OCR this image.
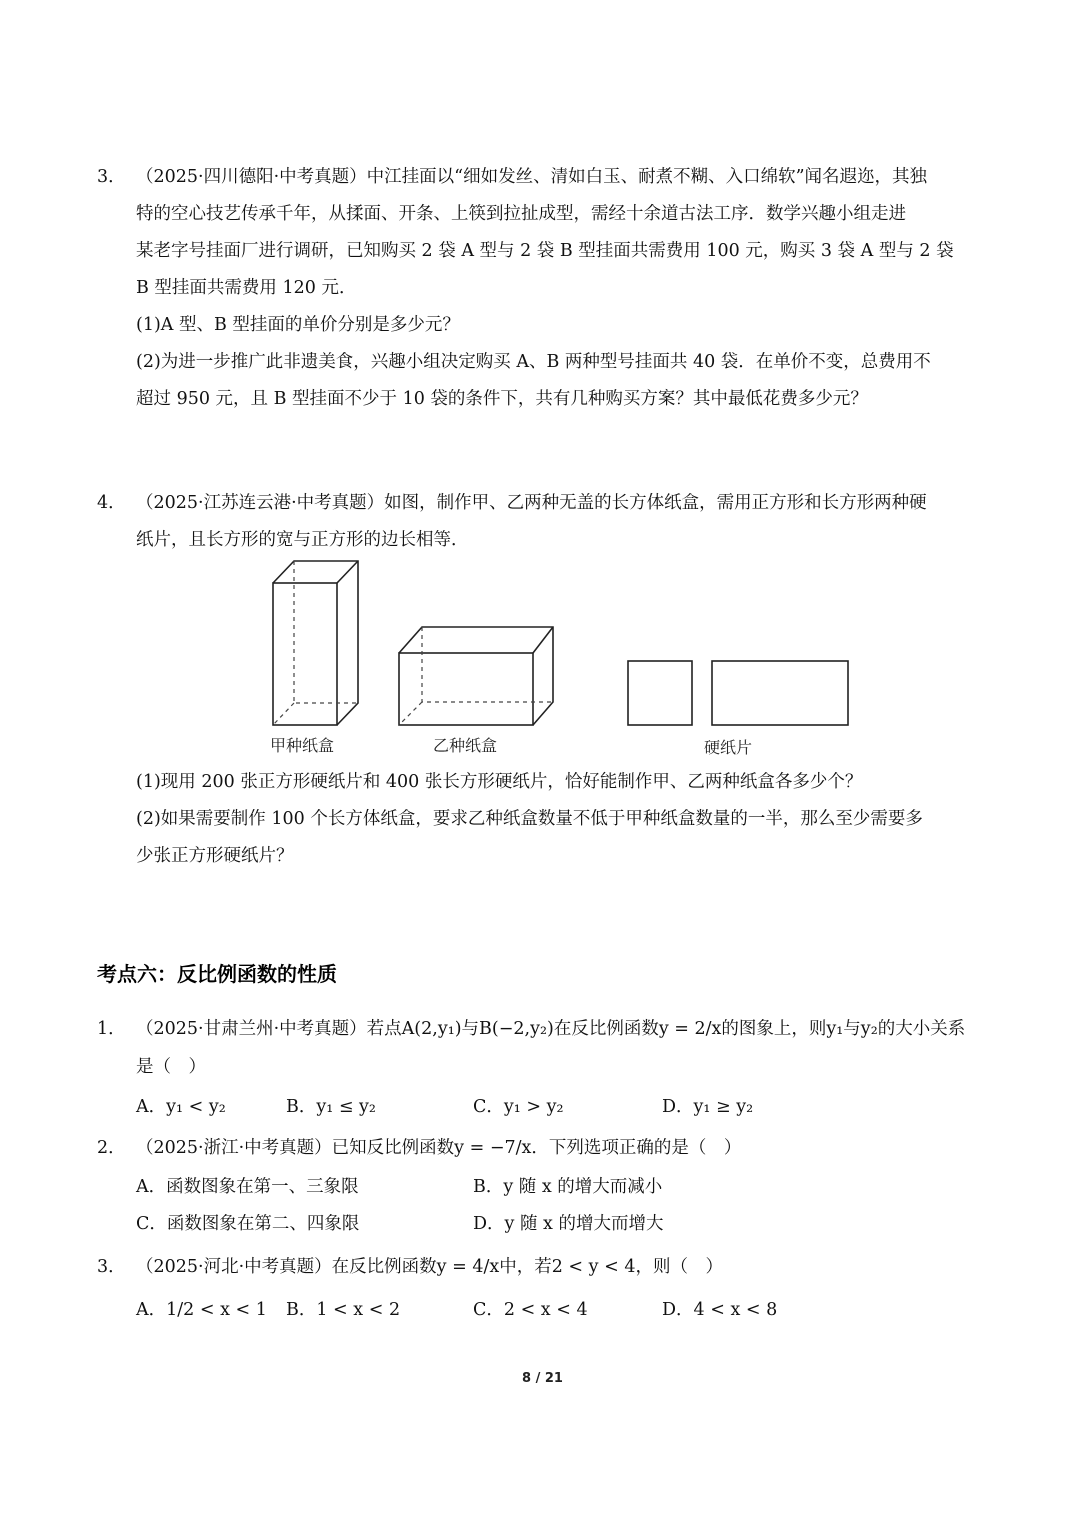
3． （2025·四川德阳·中考真题）中江挂面以“细如发丝、清如白玉、耐煮不糊、入口绵软”闻名遐迩，其独
特的空心技艺传承千年，从揉面、开条、上筷到拉扯成型，需经十余道古法工序．数学兴趣小组走进
某老字号挂面厂进行调研，已知购买 2 袋 A 型与 2 袋 B 型挂面共需费用 100 元，购买 3 袋 A 型与 2 袋
B 型挂面共需费用 120 元．
(1)A 型、B 型挂面的单价分别是多少元？
(2)为进一步推广此非遗美食，兴趣小组决定购买 A、B 两种型号挂面共 40 袋．在单价不变，总费用不
超过 950 元，且 B 型挂面不少于 10 袋的条件下，共有几种购买方案？其中最低花费多少元？
4． （2025·江苏连云港·中考真题）如图，制作甲、乙两种无盖的长方体纸盒，需用正方形和长方形两种硬
纸片，且长方形的宽与正方形的边长相等．
甲种纸盒	乙种纸盒	硬纸片
(1)现用 200 张正方形硬纸片和 400 张长方形硬纸片，恰好能制作甲、乙两种纸盒各多少个？
(2)如果需要制作 100 个长方体纸盒，要求乙种纸盒数量不低于甲种纸盒数量的一半，那么至少需要多
少张正方形硬纸片？
考点六：反比例函数的性质
1． （2025·甘肃兰州·中考真题）若点A(2,y₁)与B(−2,y₂)在反比例函数y = 2/x的图象上，则y₁与y₂的大小关系
是（　）
A．y₁ < y₂	B．y₁ ≤ y₂	C．y₁ > y₂	D．y₁ ≥ y₂
2． （2025·浙江·中考真题）已知反比例函数y = −7/x．下列选项正确的是（　）
A．函数图象在第一、三象限	B．y 随 x 的增大而减小
C．函数图象在第二、四象限	D．y 随 x 的增大而增大
3． （2025·河北·中考真题）在反比例函数y = 4/x中，若2 < y < 4，则（　）
A．1/2 < x < 1 B．1 < x < 2	C．2 < x < 4	D．4 < x < 8
8 / 21
